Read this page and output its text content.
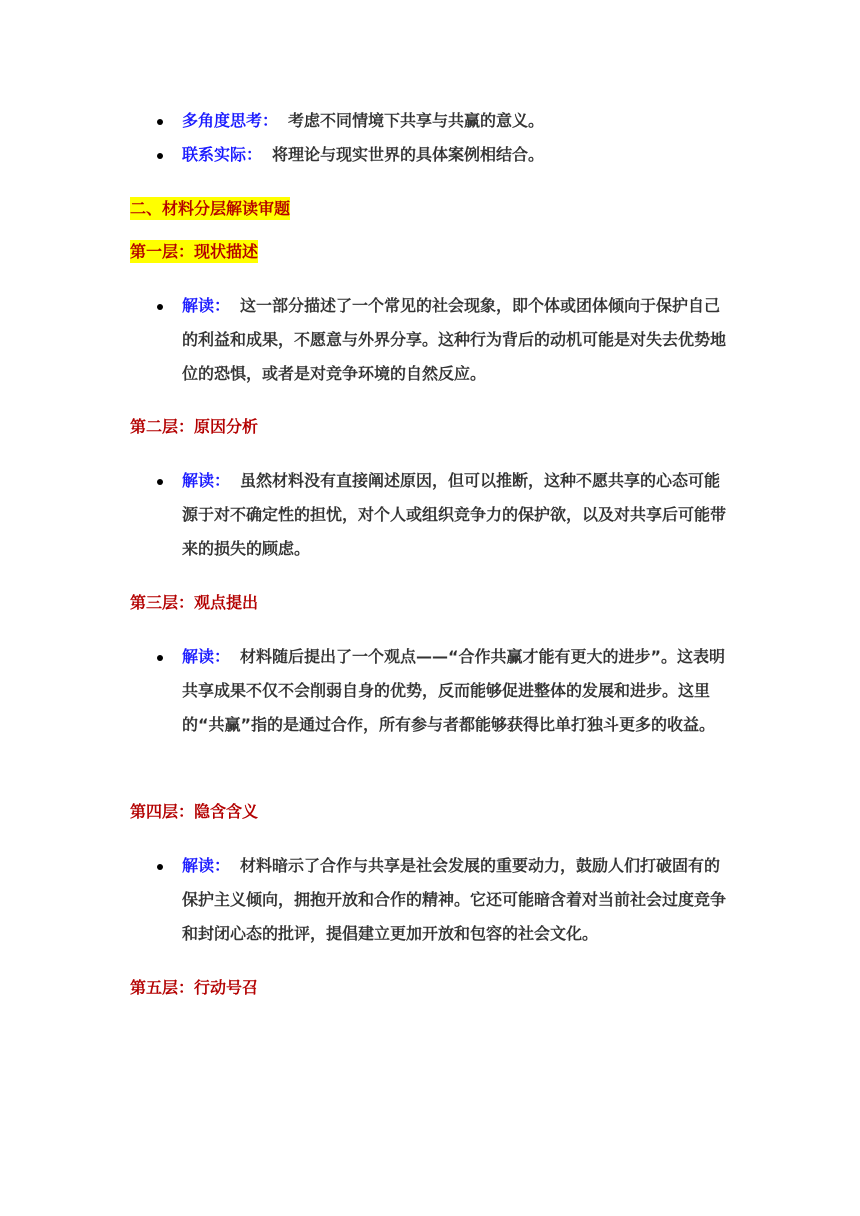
多角度思考： 考虑不同情境下共享与共赢的意义。
联系实际： 将理论与现实世界的具体案例相结合。
二、材料分层解读审题
第一层：现状描述
解读： 这一部分描述了一个常见的社会现象，即个体或团体倾向于保护自己的利益和成果，不愿意与外界分享。这种行为背后的动机可能是对失去优势地位的恐惧，或者是对竞争环境的自然反应。
第二层：原因分析
解读： 虽然材料没有直接阐述原因，但可以推断，这种不愿共享的心态可能源于对不确定性的担忧，对个人或组织竞争力的保护欲，以及对共享后可能带来的损失的顾虑。
第三层：观点提出
解读： 材料随后提出了一个观点——“合作共赢才能有更大的进步”。这表明共享成果不仅不会削弱自身的优势，反而能够促进整体的发展和进步。这里的“共赢”指的是通过合作，所有参与者都能够获得比单打独斗更多的收益。
第四层：隐含含义
解读： 材料暗示了合作与共享是社会发展的重要动力，鼓励人们打破固有的保护主义倾向，拥抱开放和合作的精神。它还可能暗含着对当前社会过度竞争和封闭心态的批评，提倡建立更加开放和包容的社会文化。
第五层：行动号召
